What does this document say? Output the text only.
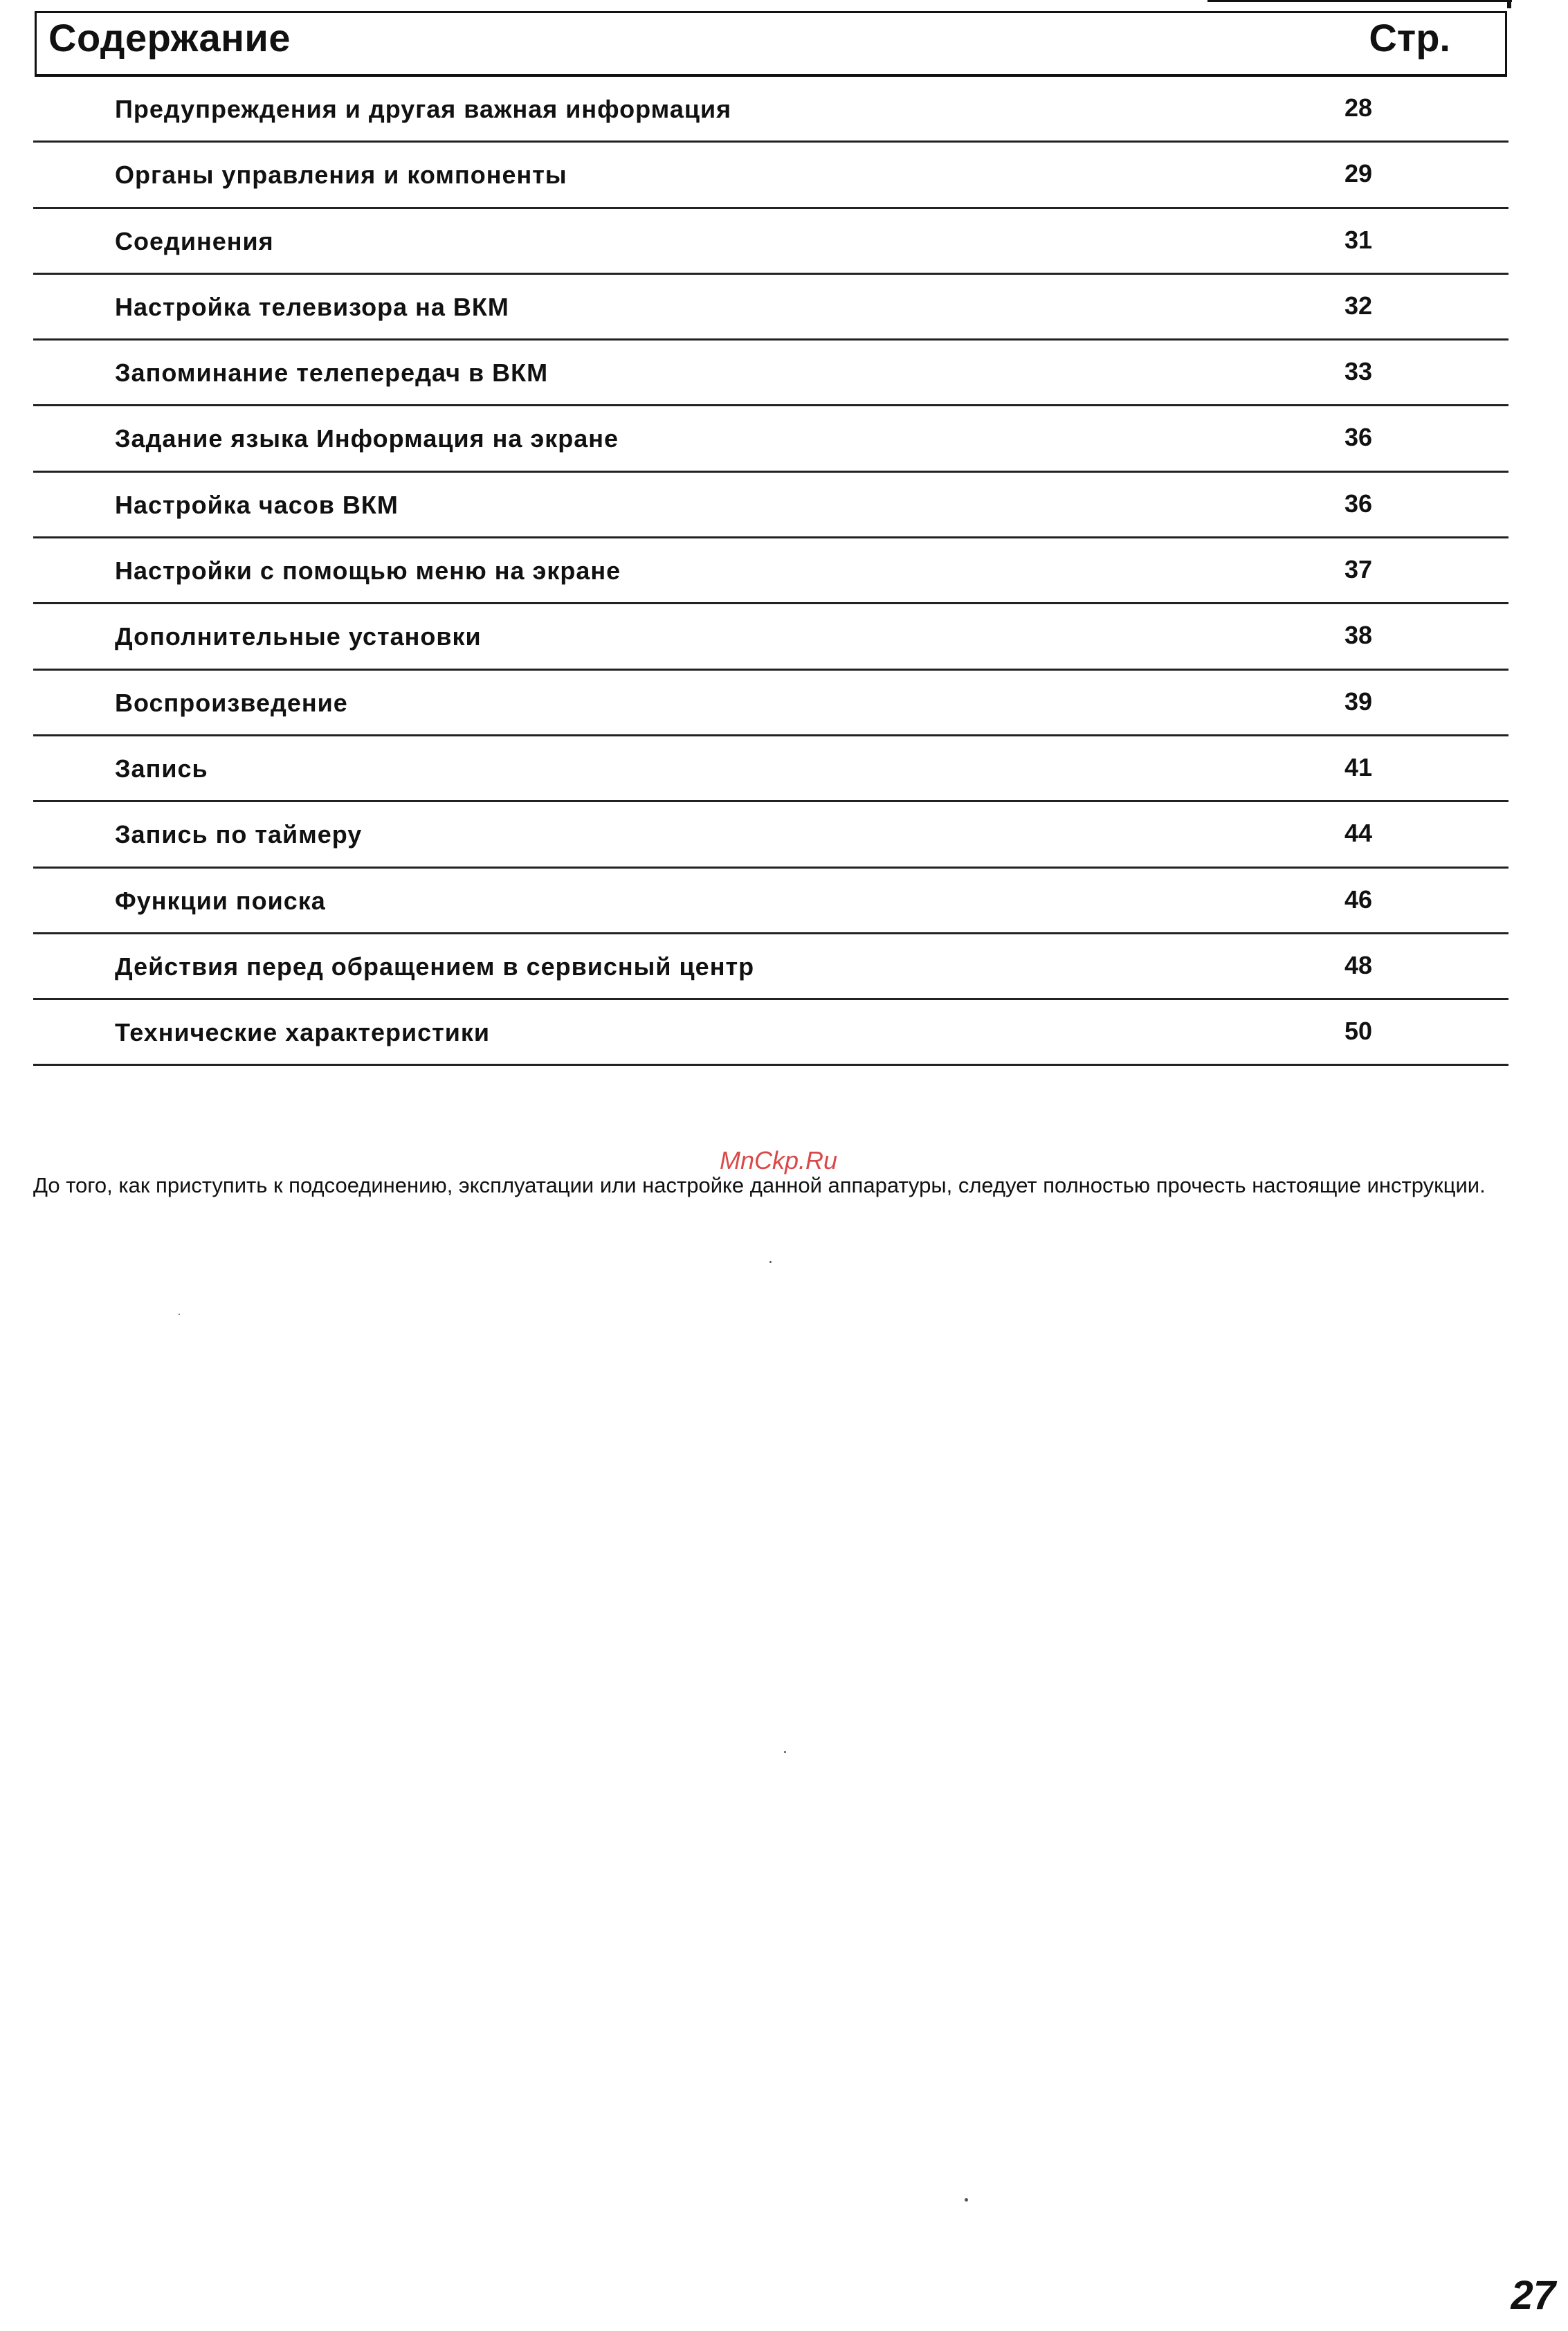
Содержание	Стр.
Предупреждения и другая важная информация	28
Органы управления и компоненты	29
Соединения	31
Настройка телевизора на ВКМ	32
Запоминание телепередач в ВКМ	33
Задание языка Информация на экране	36
Настройка часов ВКМ	36
Настройки с помощью меню на экране	37
Дополнительные установки	38
Воспроизведение	39
Запись	41
Запись по таймеру	44
Функции поиска	46
Действия перед обращением в сервисный центр	48
Технические характеристики	50

До того, как приступить к подсоединению, эксплуатации или настройке данной аппаратуры, следует полностью прочесть настоящие инструкции.

MnCkp.Ru
27
